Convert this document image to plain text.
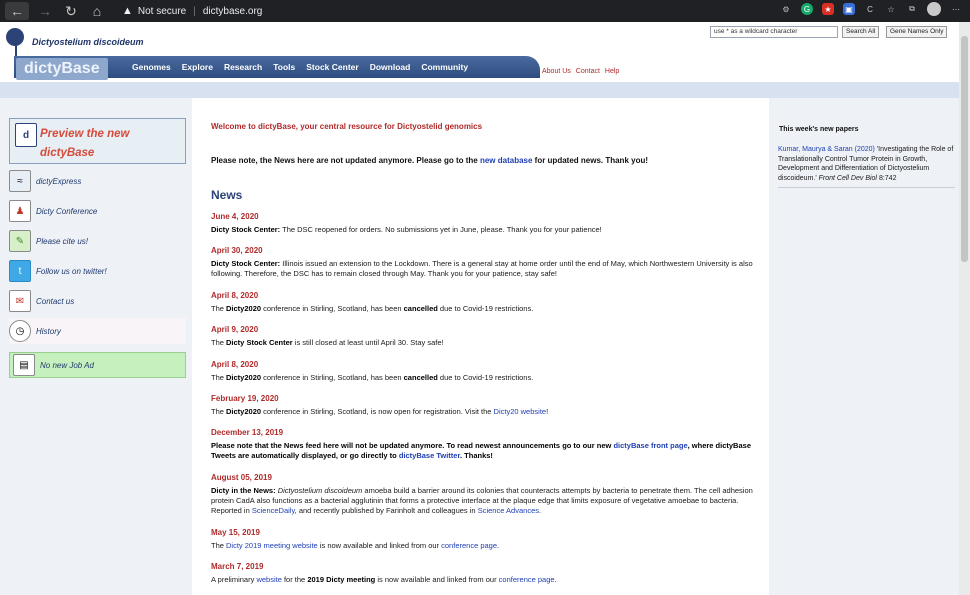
←	→ ↻	⌂	▲ Not secure | dictybase.org	⚙	G	★	▣	C	☆	⧉	⋯
Dictyostelium discoideum
dictyBase	Genomes Explore Research Tools Stock Center Download Community	About Us Contact Help
use * as a wildcard character	Search All	Gene Names Only
d Preview the new dictyBase
≈	dictyExpress
♟	Dicty Conference
✎	Please cite us!
t	Follow us on twitter!
✉	Contact us
◷	History
▤	No new Job Ad
Welcome to dictyBase, your central resource for Dictyostelid genomics
Please note, the News here are not updated anymore. Please go to the new database for updated news. Thank you!
News
June 4, 2020
Dicty Stock Center: The DSC reopened for orders. No submissions yet in June, please. Thank you for your patience!
April 30, 2020
Dicty Stock Center: Illinois issued an extension to the Lockdown. There is a general stay at home order until the end of May, which Northwestern University is also following. Therefore, the DSC has to remain closed through May. Thank you for your patience, stay safe!
April 8, 2020
The Dicty2020 conference in Stirling, Scotland, has been cancelled due to Covid-19 restrictions.
April 9, 2020
The Dicty Stock Center is still closed at least until April 30. Stay safe!
April 8, 2020
The Dicty2020 conference in Stirling, Scotland, has been cancelled due to Covid-19 restrictions.
February 19, 2020
The Dicty2020 conference in Stirling, Scotland, is now open for registration. Visit the Dicty20 website!
December 13, 2019
Please note that the News feed here will not be updated anymore. To read newest announcements go to our new dictyBase front page, where dictyBase Tweets are automatically displayed, or go directly to dictyBase Twitter. Thanks!
August 05, 2019
Dicty in the News: Dictyostelium discoideum amoeba build a barrier around its colonies that counteracts attempts by bacteria to penetrate them. The cell adhesion protein CadA also functions as a bacterial agglutinin that forms a protective interface at the plaque edge that limits exposure of vegetative amoebae to bacteria. Reported in ScienceDaily, and recently published by Farinholt and colleagues in Science Advances.
May 15, 2019
The Dicty 2019 meeting website is now available and linked from our conference page.
March 7, 2019
A preliminary website for the 2019 Dicty meeting is now available and linked from our conference page.
This week's new papers
Kumar, Maurya & Saran (2020) 'Investigating the Role of Translationally Control Tumor Protein in Growth, Development and Differentiation of Dictyostelium discoideum.' Front Cell Dev Biol 8:742
